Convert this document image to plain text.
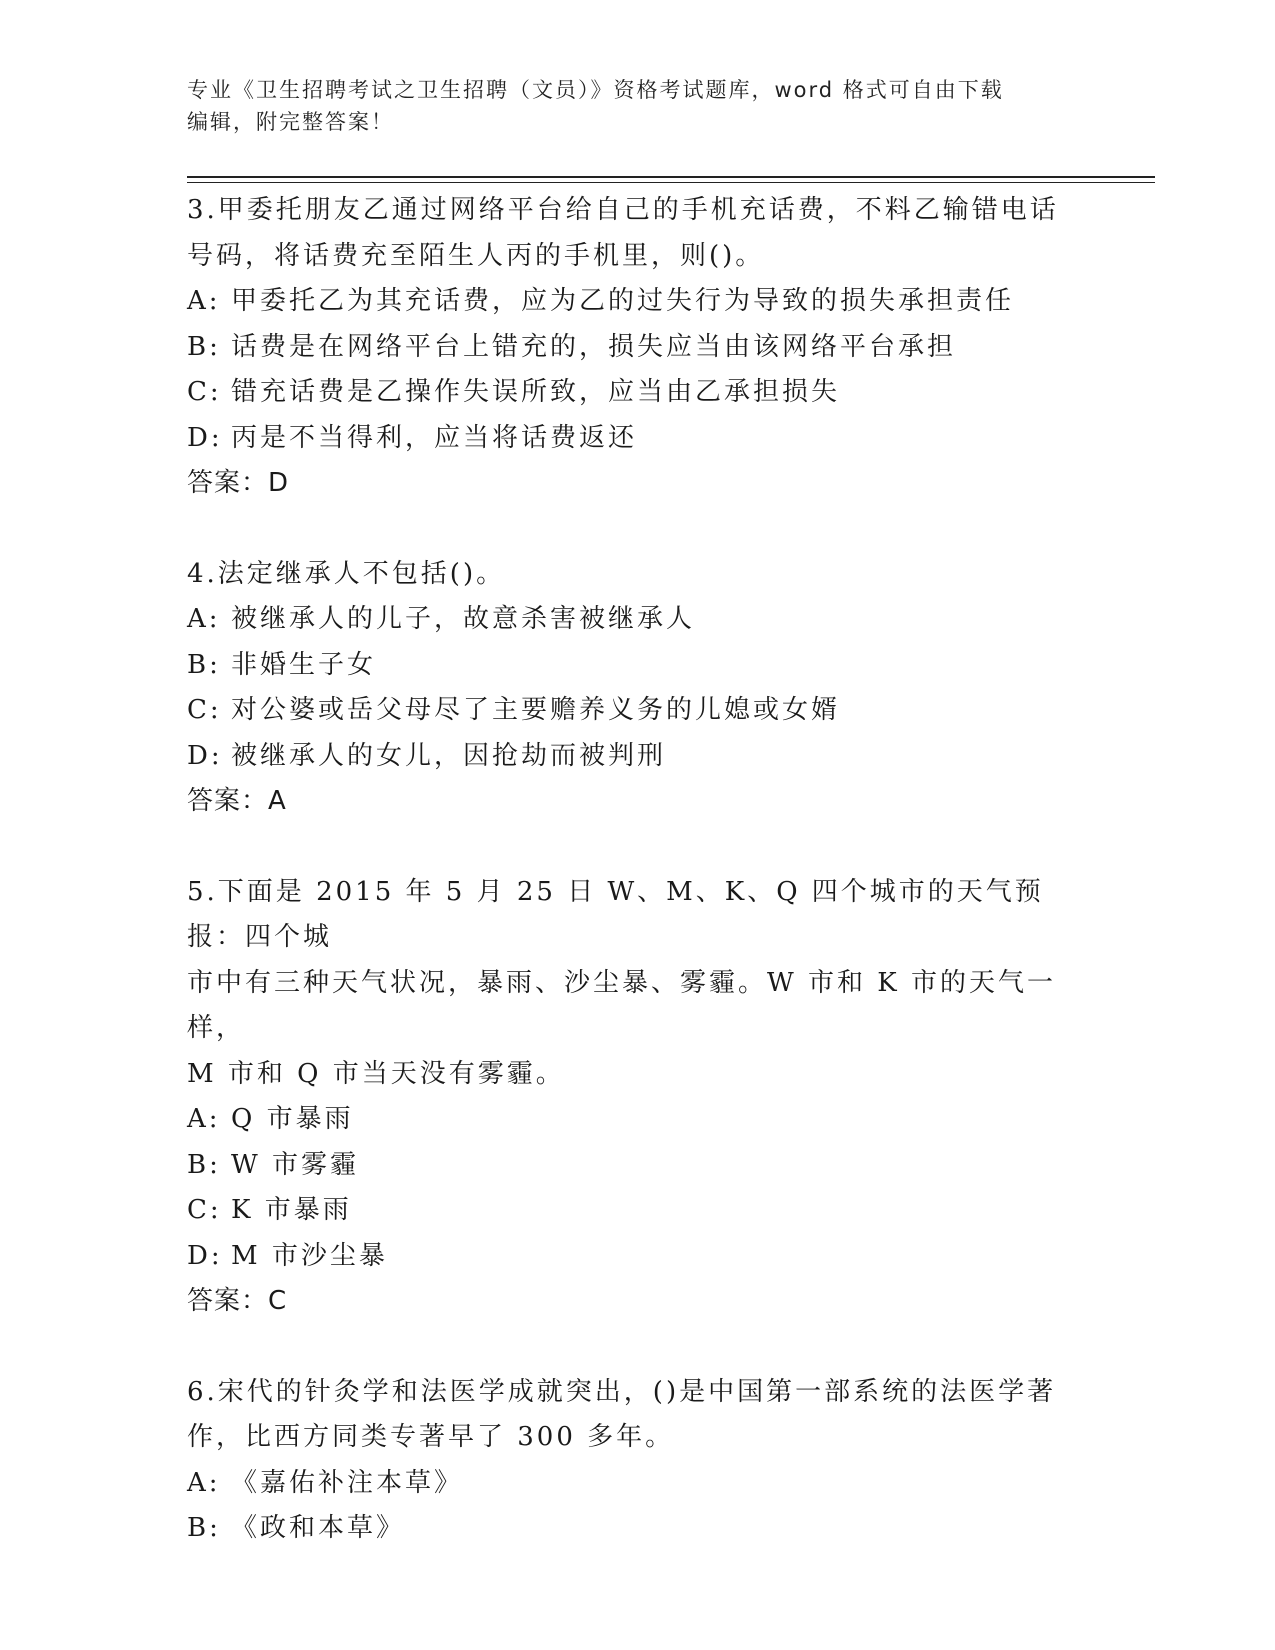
专业《卫生招聘考试之卫生招聘（文员）》资格考试题库，word 格式可自由下载
编辑，附完整答案！

3.甲委托朋友乙通过网络平台给自己的手机充话费，不料乙输错电话

号码，将话费充至陌生人丙的手机里，则()。

A: 甲委托乙为其充话费，应为乙的过失行为导致的损失承担责任

B: 话费是在网络平台上错充的，损失应当由该网络平台承担

C: 错充话费是乙操作失误所致，应当由乙承担损失

D: 丙是不当得利，应当将话费返还

答案：D

4.法定继承人不包括()。

A: 被继承人的儿子，故意杀害被继承人

B: 非婚生子女

C: 对公婆或岳父母尽了主要赡养义务的儿媳或女婿

D: 被继承人的女儿，因抢劫而被判刑

答案：A

5.下面是 2015 年 5 月 25 日 W、M、K、Q 四个城市的天气预报：四个城

市中有三种天气状况，暴雨、沙尘暴、雾霾。W 市和 K 市的天气一样，

M 市和 Q 市当天没有雾霾。

A: Q 市暴雨

B: W 市雾霾

C: K 市暴雨

D: M 市沙尘暴

答案：C

6.宋代的针灸学和法医学成就突出，()是中国第一部系统的法医学著

作，比西方同类专著早了 300 多年。

A: 《嘉佑补注本草》

B: 《政和本草》
